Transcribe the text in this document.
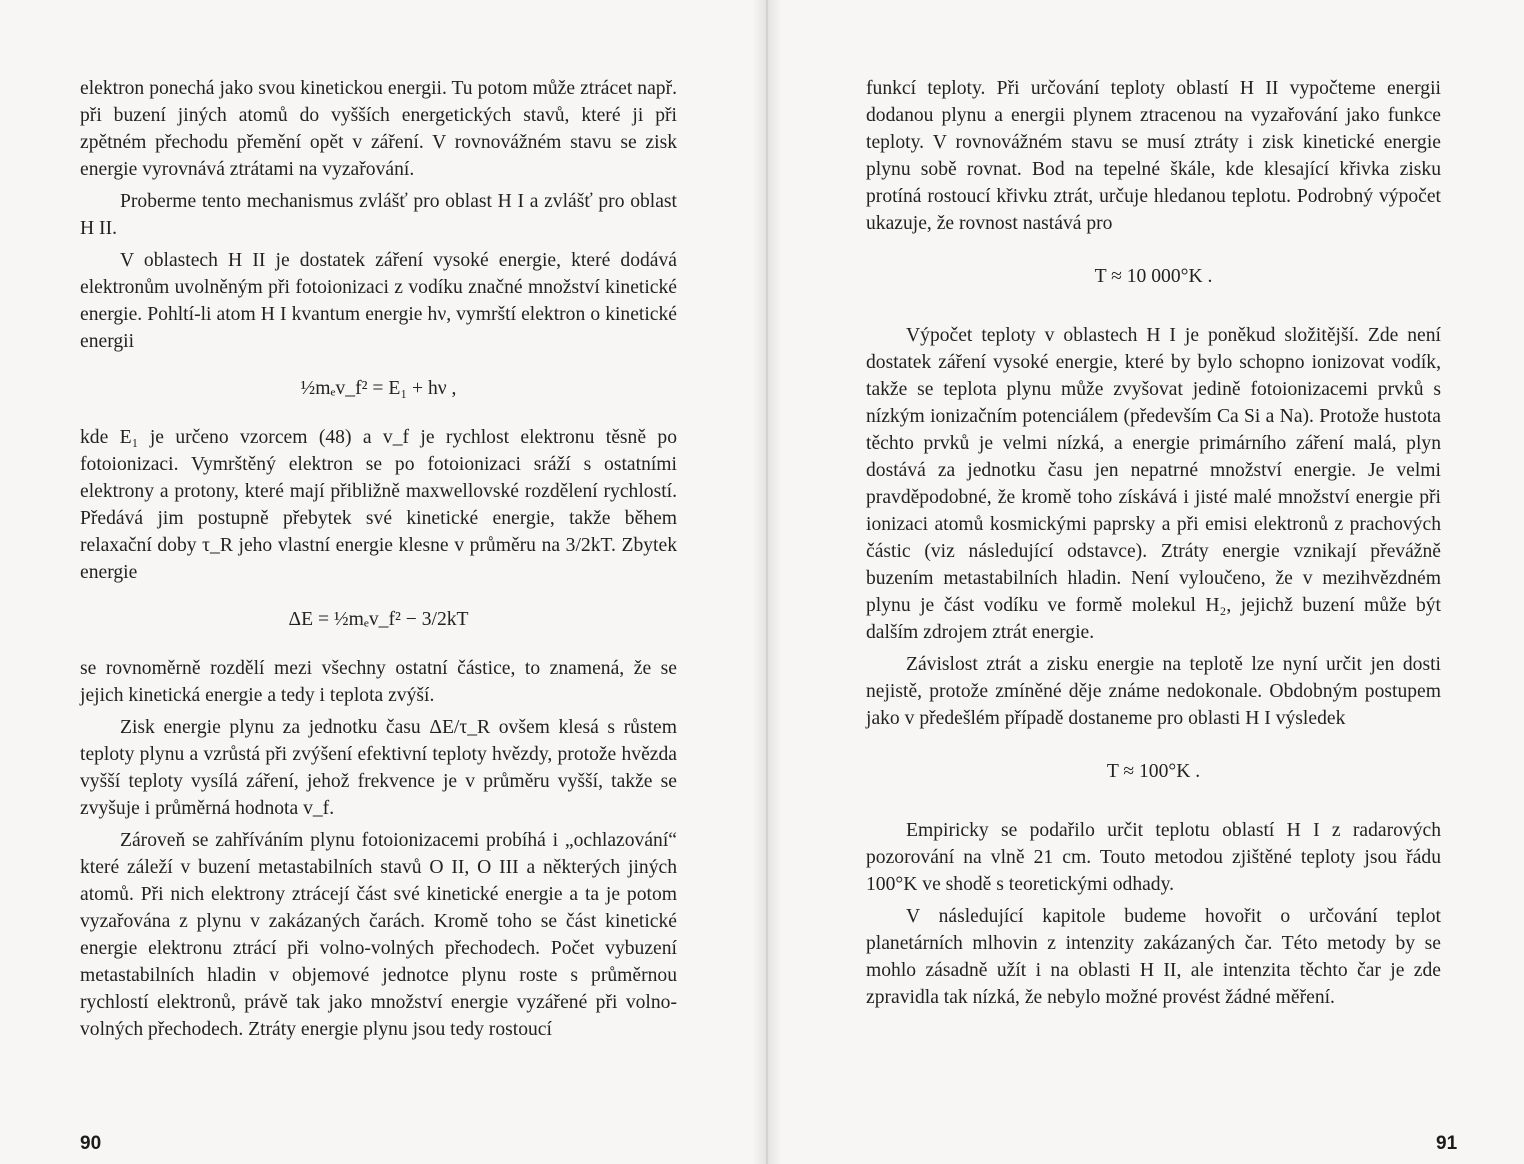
elektron ponechá jako svou kinetickou energii. Tu potom může ztrácet např. při buzení jiných atomů do vyšších energetických stavů, které ji při zpětném přechodu přemění opět v záření. V rovnovážném stavu se zisk energie vyrovnává ztrátami na vyzařování.

Proberme tento mechanismus zvlášť pro oblast H I a zvlášť pro oblast H II.

V oblastech H II je dostatek záření vysoké energie, které dodává elektronům uvolněným při fotoionizaci z vodíku značné množství kinetické energie. Pohltí-li atom H I kvantum energie hν, vymrští elektron o kinetické energii

½mₑv_f² = E₁ + hν ,

kde E₁ je určeno vzorcem (48) a v_f je rychlost elektronu těsně po fotoionizaci. Vymrštěný elektron se po fotoionizaci sráží s ostatními elektrony a protony, které mají přibližně maxwellovské rozdělení rychlostí. Předává jim postupně přebytek své kinetické energie, takže během relaxační doby τ_R jeho vlastní energie klesne v průměru na 3/2kT. Zbytek energie

ΔE = ½mₑv_f² − 3/2kT

se rovnoměrně rozdělí mezi všechny ostatní částice, to znamená, že se jejich kinetická energie a tedy i teplota zvýší.

Zisk energie plynu za jednotku času ΔE/τ_R ovšem klesá s růstem teploty plynu a vzrůstá při zvýšení efektivní teploty hvězdy, protože hvězda vyšší teploty vysílá záření, jehož frekvence je v průměru vyšší, takže se zvyšuje i průměrná hodnota v_f.

Zároveň se zahříváním plynu fotoionizacemi probíhá i „ochlazování“ které záleží v buzení metastabilních stavů O II, O III a některých jiných atomů. Při nich elektrony ztrácejí část své kinetické energie a ta je potom vyzařována z plynu v zakázaných čarách. Kromě toho se část kinetické energie elektronu ztrácí při volno-volných přechodech. Počet vybuzení metastabilních hladin v objemové jednotce plynu roste s průměrnou rychlostí elektronů, právě tak jako množství energie vyzářené při volno-volných přechodech. Ztráty energie plynu jsou tedy rostoucí

90

funkcí teploty. Při určování teploty oblastí H II vypočteme energii dodanou plynu a energii plynem ztracenou na vyzařování jako funkce teploty. V rovnovážném stavu se musí ztráty i zisk kinetické energie plynu sobě rovnat. Bod na tepelné škále, kde klesající křivka zisku protíná rostoucí křivku ztrát, určuje hledanou teplotu. Podrobný výpočet ukazuje, že rovnost nastává pro

T ≈ 10 000°K .

Výpočet teploty v oblastech H I je poněkud složitější. Zde není dostatek záření vysoké energie, které by bylo schopno ionizovat vodík, takže se teplota plynu může zvyšovat jedině fotoionizacemi prvků s nízkým ionizačním potenciálem (především Ca Si a Na). Protože hustota těchto prvků je velmi nízká, a energie primárního záření malá, plyn dostává za jednotku času jen nepatrné množství energie. Je velmi pravděpodobné, že kromě toho získává i jisté malé množství energie při ionizaci atomů kosmickými paprsky a při emisi elektronů z prachových částic (viz následující odstavce). Ztráty energie vznikají převážně buzením metastabilních hladin. Není vyloučeno, že v mezihvězdném plynu je část vodíku ve formě molekul H₂, jejichž buzení může být dalším zdrojem ztrát energie.

Závislost ztrát a zisku energie na teplotě lze nyní určit jen dosti nejistě, protože zmíněné děje známe nedokonale. Obdobným postupem jako v předešlém případě dostaneme pro oblasti H I výsledek

T ≈ 100°K .

Empiricky se podařilo určit teplotu oblastí H I z radarových pozorování na vlně 21 cm. Touto metodou zjištěné teploty jsou řádu 100°K ve shodě s teoretickými odhady.

V následující kapitole budeme hovořit o určování teplot planetárních mlhovin z intenzity zakázaných čar. Této metody by se mohlo zásadně užít i na oblasti H II, ale intenzita těchto čar je zde zpravidla tak nízká, že nebylo možné provést žádné měření.

91
